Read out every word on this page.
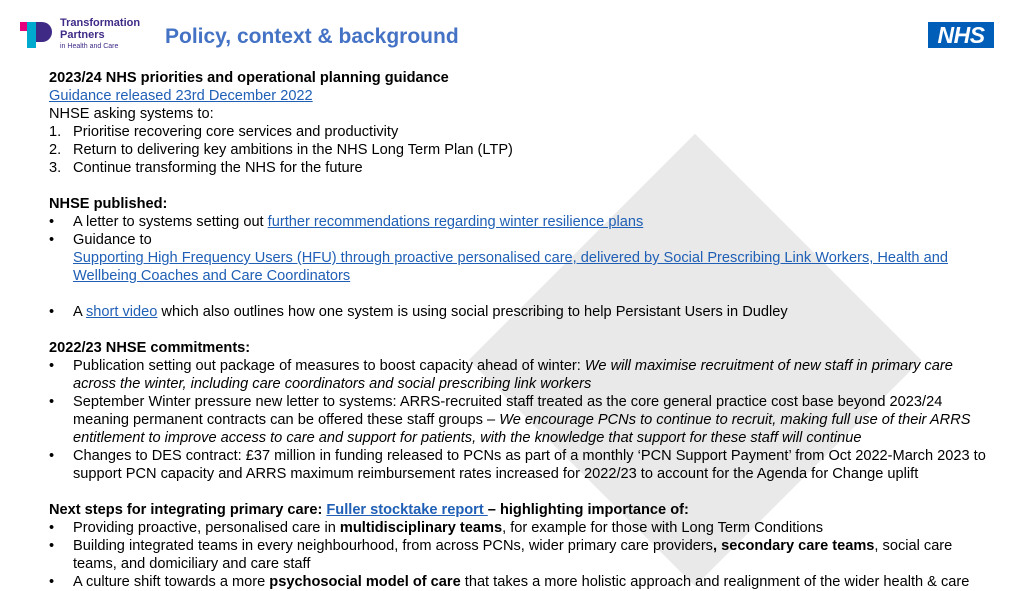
Transformation
Partners
in Health and Care	Policy, context & background	NHS

2023/24 NHS priorities and operational planning guidance

Guidance released 23rd December 2022

NHSE asking systems to:

1. Prioritise recovering core services and productivity
2. Return to delivering key ambitions in the NHS Long Term Plan (LTP)
3. Continue transforming the NHS for the future

NHSE published:

• A letter to systems setting out further recommendations regarding winter resilience plans
• Guidance to
Supporting High Frequency Users (HFU) through proactive personalised care, delivered by Social Prescribing Link Workers, Health and Wellbeing Coaches and Care Coordinators
• A short video which also outlines how one system is using social prescribing to help Persistant Users in Dudley

2022/23 NHSE commitments:

• Publication setting out package of measures to boost capacity ahead of winter: We will maximise recruitment of new staff in primary care across the winter, including care coordinators and social prescribing link workers
• September Winter pressure new letter to systems: ARRS-recruited staff treated as the core general practice cost base beyond 2023/24 meaning permanent contracts can be offered these staff groups – We encourage PCNs to continue to recruit, making full use of their ARRS entitlement to improve access to care and support for patients, with the knowledge that support for these staff will continue
• Changes to DES contract: £37 million in funding released to PCNs as part of a monthly ‘PCN Support Payment’ from Oct 2022-March 2023 to support PCN capacity and ARRS maximum reimbursement rates increased for 2022/23 to account for the Agenda for Change uplift

Next steps for integrating primary care: Fuller stocktake report – highlighting importance of:

• Providing proactive, personalised care in multidisciplinary teams, for example for those with Long Term Conditions
• Building integrated teams in every neighbourhood, from across PCNs, wider primary care providers, secondary care teams, social care teams, and domiciliary and care staff
• A culture shift towards a more psychosocial model of care that takes a more holistic approach and realignment of the wider health & care
